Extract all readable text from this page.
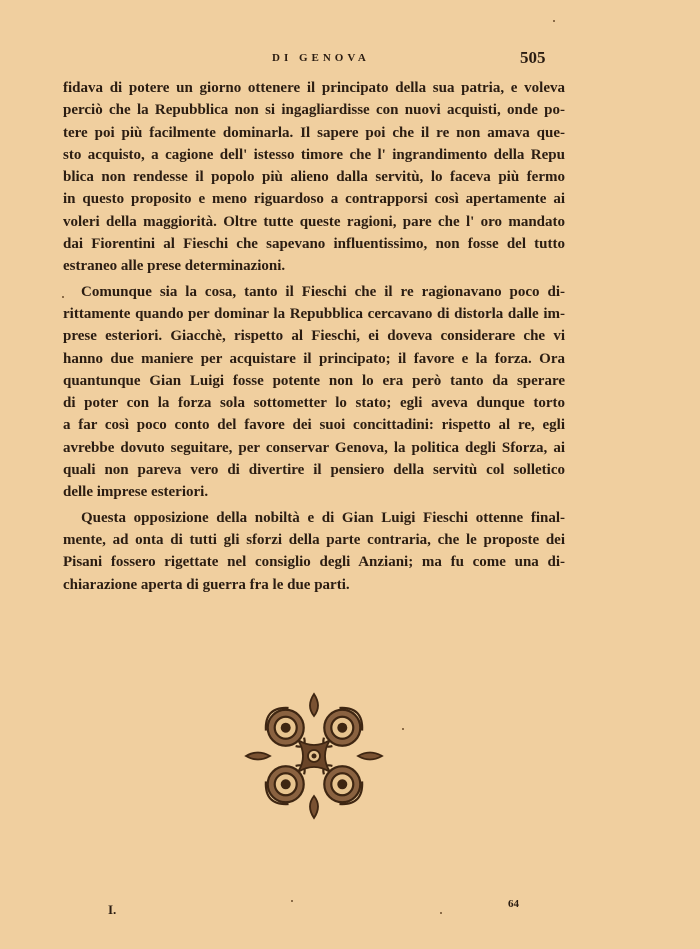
DI GENOVA	505
fidava di potere un giorno ottenere il principato della sua patria, e voleva
perciò che la Repubblica non si ingagliardisse con nuovi acquisti, onde po-
tere poi più facilmente dominarla. Il sapere poi che il re non amava que-
sto acquisto, a cagione dell' istesso timore che l' ingrandimento della Repu
blica non rendesse il popolo più alieno dalla servitù, lo faceva più fermo
in questo proposito e meno riguardoso a contrapporsi così apertamente ai
voleri della maggiorità. Oltre tutte queste ragioni, pare che l' oro mandato
dai Fiorentini al Fieschi che sapevano influentissimo, non fosse del tutto
estraneo alle prese determinazioni.
Comunque sia la cosa, tanto il Fieschi che il re ragionavano poco di-
rittamente quando per dominar la Repubblica cercavano di distorla dalle im-
prese esteriori. Giacchè, rispetto al Fieschi, ei doveva considerare che vi
hanno due maniere per acquistare il principato; il favore e la forza. Ora
quantunque Gian Luigi fosse potente non lo era però tanto da sperare
di poter con la forza sola sottometter lo stato; egli aveva dunque torto
a far così poco conto del favore dei suoi concittadini: rispetto al re, egli
avrebbe dovuto seguitare, per conservar Genova, la politica degli Sforza, ai
quali non pareva vero di divertire il pensiero della servitù col solletico
delle imprese esteriori.
Questa opposizione della nobiltà e di Gian Luigi Fieschi ottenne final-
mente, ad onta di tutti gli sforzi della parte contraria, che le proposte dei
Pisani fossero rigettate nel consiglio degli Anziani; ma fu come una di-
chiarazione aperta di guerra fra le due parti.
I.	64
